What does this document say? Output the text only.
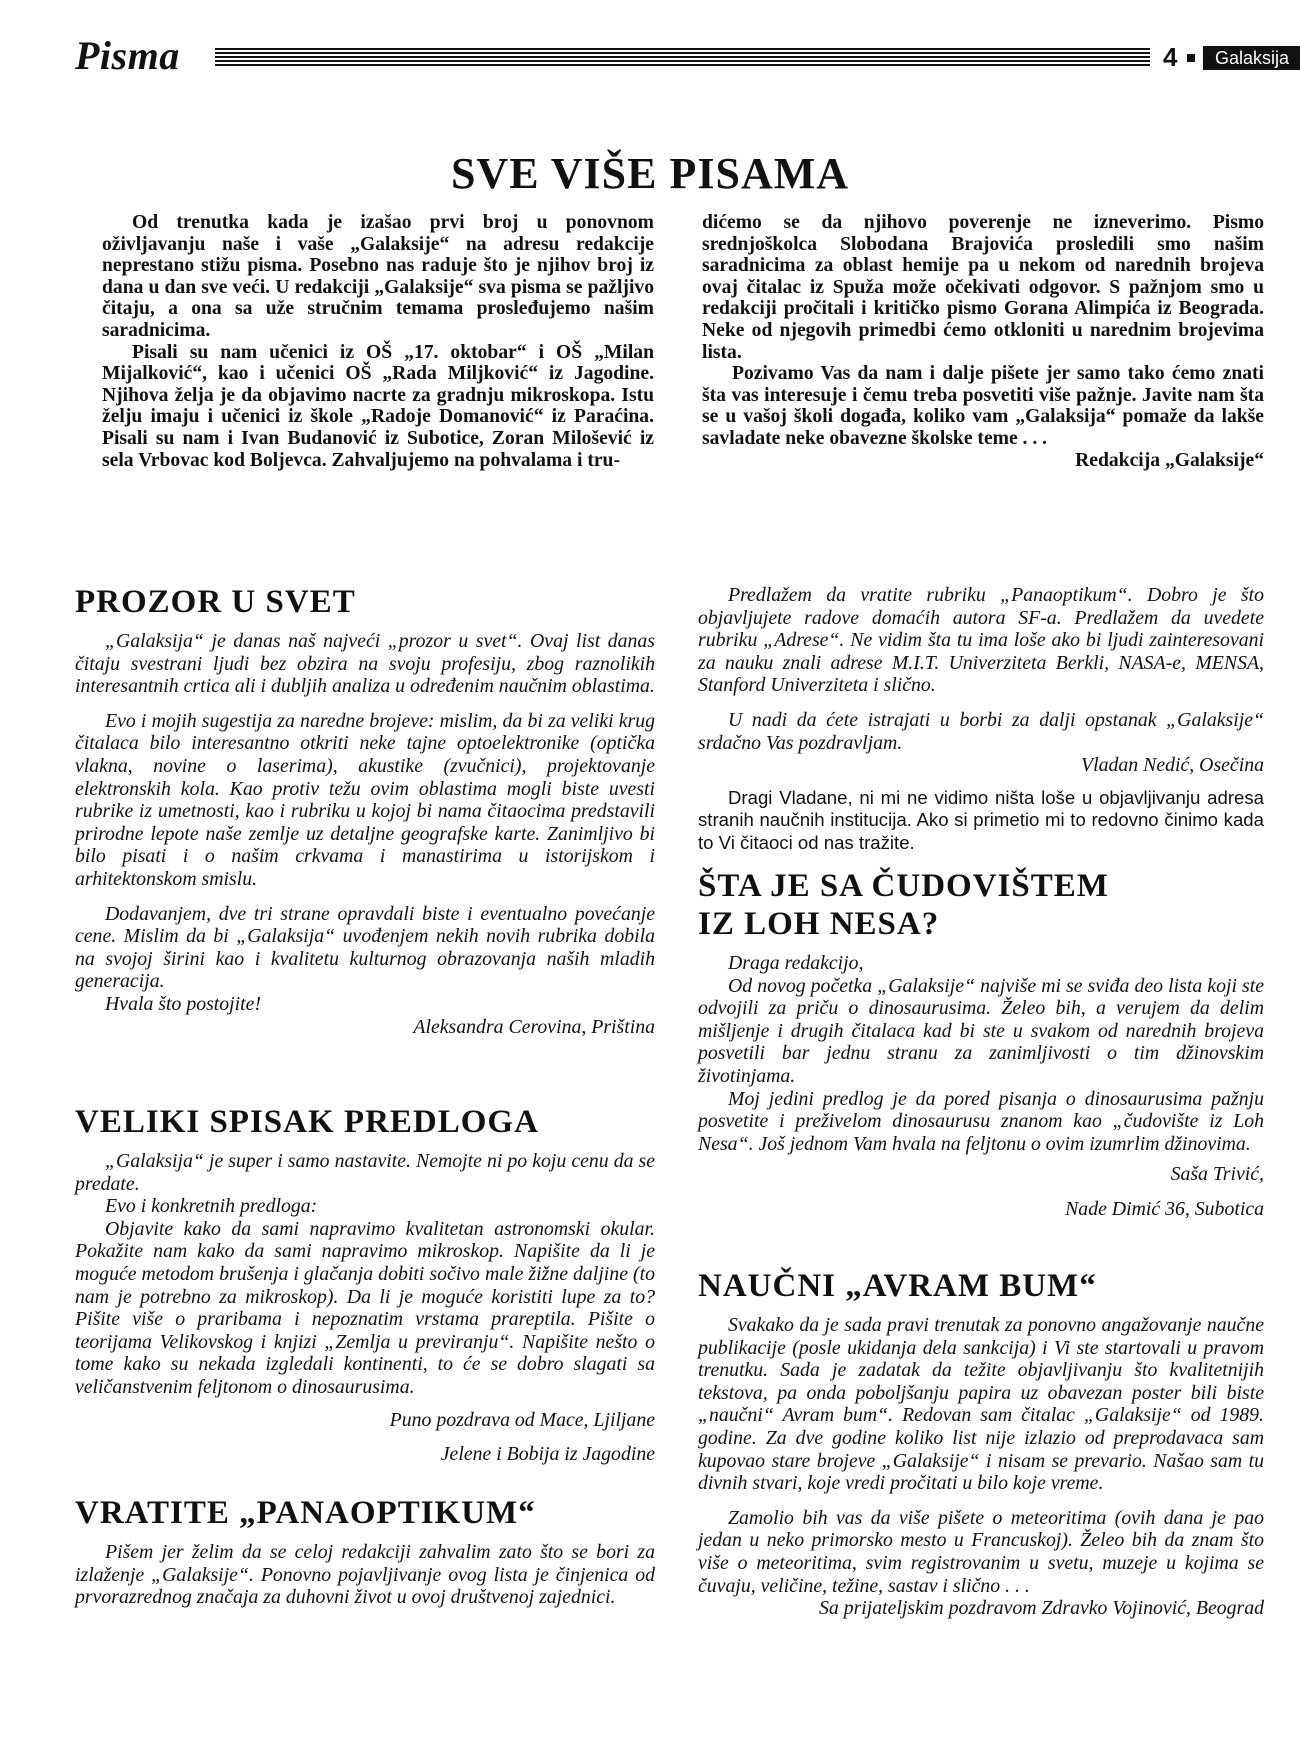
Pisma	4	Galaksija
SVE VIŠE PISAMA

Od trenutka kada je izašao prvi broj u ponovnom oživljavanju naše i vaše „Galaksije“ na adresu redakcije neprestano stižu pisma. Posebno nas raduje što je njihov broj iz dana u dan sve veći. U redakciji „Galaksije“ sva pisma se pažljivo čitaju, a ona sa uže stručnim temama prosleđujemo našim saradnicima.

Pisali su nam učenici iz OŠ „17. oktobar“ i OŠ „Milan Mijalković“, kao i učenici OŠ „Rada Miljković“ iz Jagodine. Njihova želja je da objavimo nacrte za gradnju mikroskopa. Istu želju imaju i učenici iz škole „Radoje Domanović“ iz Paraćina. Pisali su nam i Ivan Budanović iz Subotice, Zoran Milošević iz sela Vrbovac kod Boljevca. Zahvaljujemo na pohvalama i tru-

dićemo se da njihovo poverenje ne izneverimo. Pismo srednjoškolca Slobodana Brajovića prosledili smo našim saradnicima za oblast hemije pa u nekom od narednih brojeva ovaj čitalac iz Spuža može očekivati odgovor. S pažnjom smo u redakciji pročitali i kritičko pismo Gorana Alimpića iz Beograda. Neke od njegovih primedbi ćemo otkloniti u narednim brojevima lista.

Pozivamo Vas da nam i dalje pišete jer samo tako ćemo znati šta vas interesuje i čemu treba posvetiti više pažnje. Javite nam šta se u vašoj školi događa, koliko vam „Galaksija“ pomaže da lakše savladate neke obavezne školske teme . . .

Redakcija „Galaksije“

PROZOR U SVET

„Galaksija“ je danas naš najveći „prozor u svet“. Ovaj list danas čitaju svestrani ljudi bez obzira na svoju profesiju, zbog raznolikih interesantnih crtica ali i dubljih analiza u određenim naučnim oblastima.

Evo i mojih sugestija za naredne brojeve: mislim, da bi za veliki krug čitalaca bilo interesantno otkriti neke tajne optoelektronike (optička vlakna, novine o laserima), akustike (zvučnici), projektovanje elektronskih kola. Kao protiv težu ovim oblastima mogli biste uvesti rubrike iz umetnosti, kao i rubriku u kojoj bi nama čitaocima predstavili prirodne lepote naše zemlje uz detaljne geografske karte. Zanimljivo bi bilo pisati i o našim crkvama i manastirima u istorijskom i arhitektonskom smislu.

Dodavanjem, dve tri strane opravdali biste i eventualno povećanje cene. Mislim da bi „Galaksija“ uvođenjem nekih novih rubrika dobila na svojoj širini kao i kvalitetu kulturnog obrazovanja naših mladih generacija.

Hvala što postojite!

Aleksandra Cerovina, Priština

VELIKI SPISAK PREDLOGA

„Galaksija“ je super i samo nastavite. Nemojte ni po koju cenu da se predate.

Evo i konkretnih predloga:

Objavite kako da sami napravimo kvalitetan astronomski okular. Pokažite nam kako da sami napravimo mikroskop. Napišite da li je moguće metodom brušenja i glačanja dobiti sočivo male žižne daljine (to nam je potrebno za mikroskop). Da li je moguće koristiti lupe za to? Pišite više o praribama i nepoznatim vrstama prareptila. Pišite o teorijama Velikovskog i knjizi „Zemlja u previranju“. Napišite nešto o tome kako su nekada izgledali kontinenti, to će se dobro slagati sa veličanstvenim feljtonom o dinosaurusima.

Puno pozdrava od Mace, Ljiljane

Jelene i Bobija iz Jagodine

VRATITE „PANAOPTIKUM“

Pišem jer želim da se celoj redakciji zahvalim zato što se bori za izlaženje „Galaksije“. Ponovno pojavljivanje ovog lista je činjenica od prvorazrednog značaja za duhovni život u ovoj društvenoj zajednici.

Predlažem da vratite rubriku „Panaoptikum“. Dobro je što objavljujete radove domaćih autora SF-a. Predlažem da uvedete rubriku „Adrese“. Ne vidim šta tu ima loše ako bi ljudi zainteresovani za nauku znali adrese M.I.T. Univerziteta Berkli, NASA-e, MENSA, Stanford Univerziteta i slično.

U nadi da ćete istrajati u borbi za dalji opstanak „Galaksije“ srdačno Vas pozdravljam.

Vladan Nedić, Osečina

Dragi Vladane, ni mi ne vidimo ništa loše u objavljivanju adresa stranih naučnih institucija. Ako si primetio mi to redovno činimo kada to Vi čitaoci od nas tražite.

ŠTA JE SA ČUDOVIŠTEM
IZ LOH NESA?

Draga redakcijo,

Od novog početka „Galaksije“ najviše mi se sviđa deo lista koji ste odvojili za priču o dinosaurusima. Želeo bih, a verujem da delim mišljenje i drugih čitalaca kad bi ste u svakom od narednih brojeva posvetili bar jednu stranu za zanimljivosti o tim džinovskim životinjama.

Moj jedini predlog je da pored pisanja o dinosaurusima pažnju posvetite i preživelom dinosaurusu znanom kao „čudovište iz Loh Nesa“. Još jednom Vam hvala na feljtonu o ovim izumrlim džinovima.

Saša Trivić,

Nade Dimić 36, Subotica

NAUČNI „AVRAM BUM“

Svakako da je sada pravi trenutak za ponovno angažovanje naučne publikacije (posle ukidanja dela sankcija) i Vi ste startovali u pravom trenutku. Sada je zadatak da težite objavljivanju što kvalitetnijih tekstova, pa onda poboljšanju papira uz obavezan poster bili biste „naučni“ Avram bum“. Redovan sam čitalac „Galaksije“ od 1989. godine. Za dve godine koliko list nije izlazio od preprodavaca sam kupovao stare brojeve „Galaksije“ i nisam se prevario. Našao sam tu divnih stvari, koje vredi pročitati u bilo koje vreme.

Zamolio bih vas da više pišete o meteoritima (ovih dana je pao jedan u neko primorsko mesto u Francuskoj). Želeo bih da znam što više o meteoritima, svim registrovanim u svetu, muzeje u kojima se čuvaju, veličine, težine, sastav i slično . . .

Sa prijateljskim pozdravom Zdravko Vojinović, Beograd
